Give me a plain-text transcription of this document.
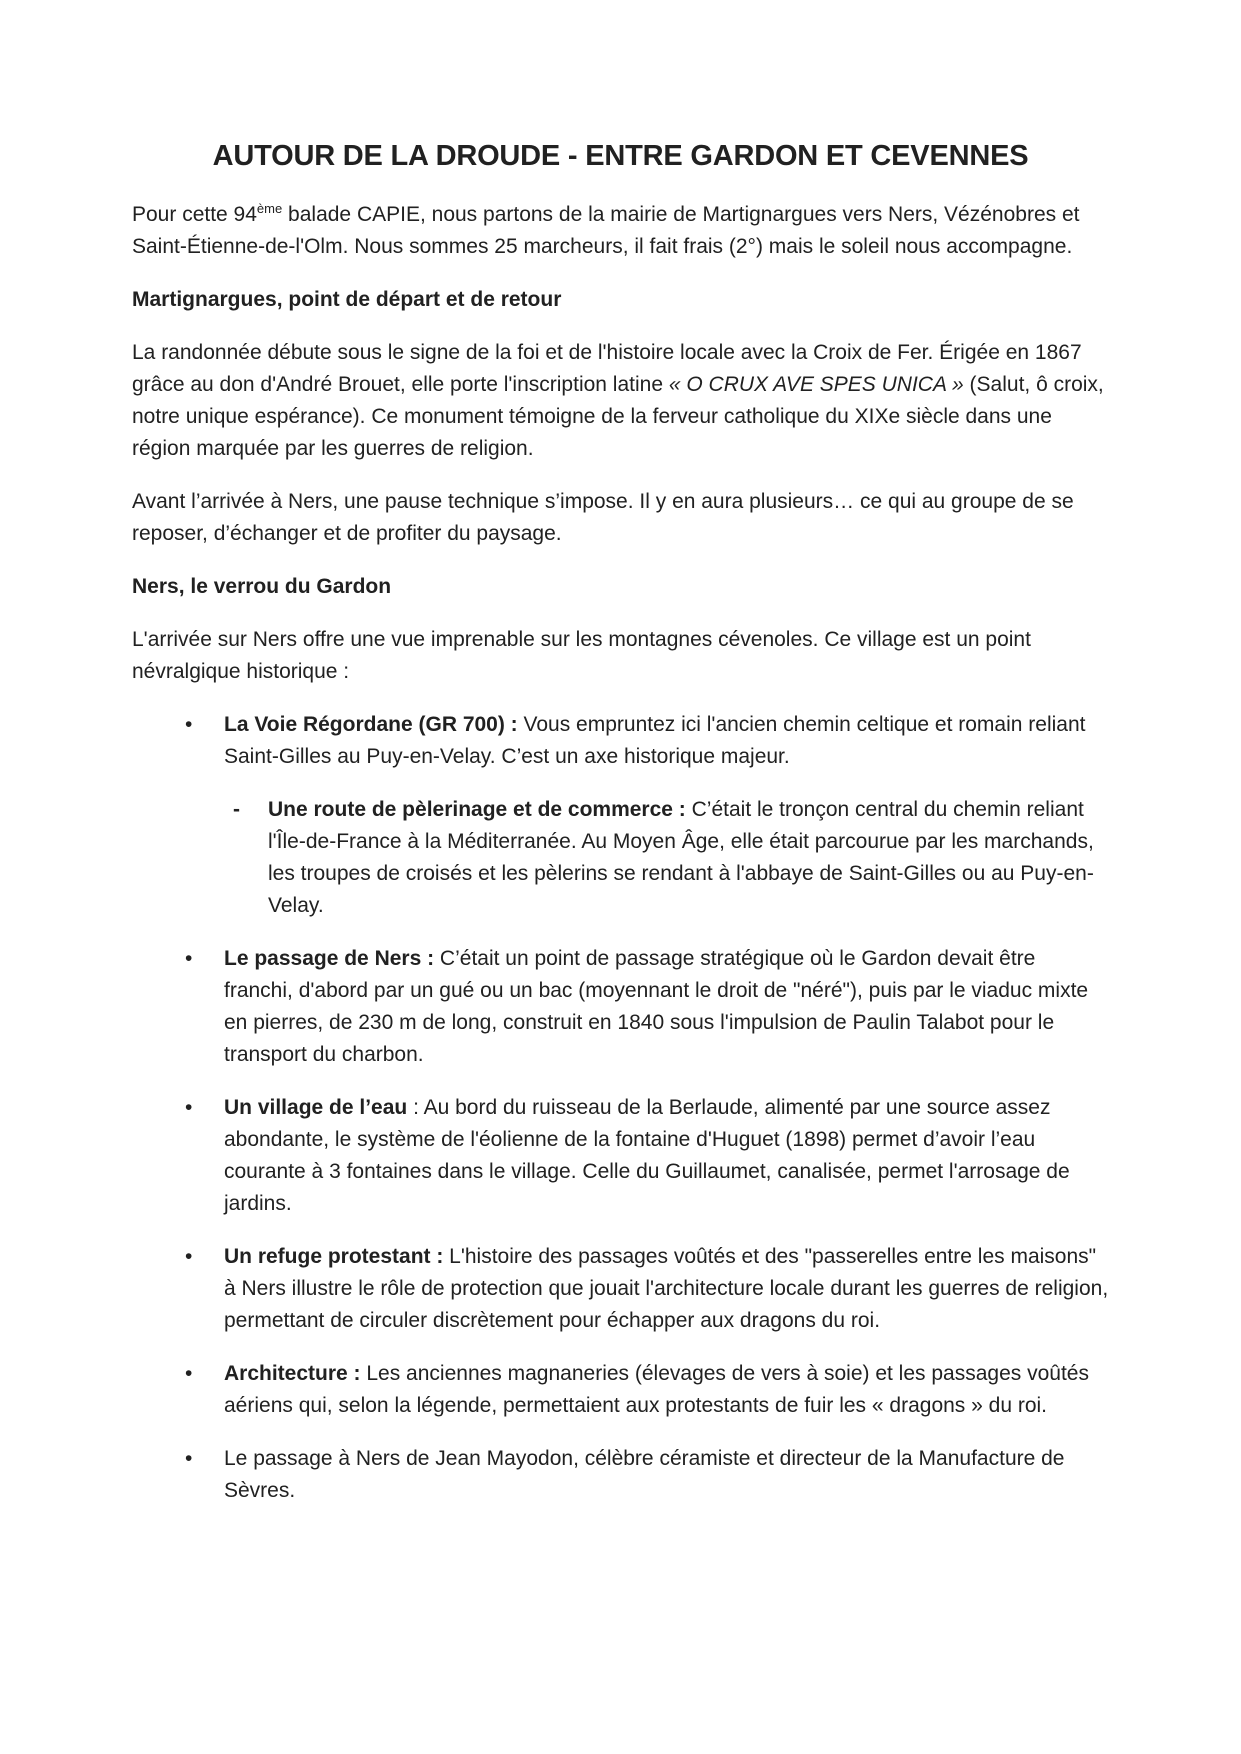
AUTOUR DE LA DROUDE - ENTRE GARDON ET CEVENNES

Pour cette 94ème balade CAPIE, nous partons de la mairie de Martignargues vers Ners, Vézénobres et Saint-Étienne-de-l'Olm. Nous sommes 25 marcheurs, il fait frais (2°) mais le soleil nous accompagne.

Martignargues, point de départ et de retour

La randonnée débute sous le signe de la foi et de l'histoire locale avec la Croix de Fer. Érigée en 1867 grâce au don d'André Brouet, elle porte l'inscription latine « O CRUX AVE SPES UNICA » (Salut, ô croix, notre unique espérance). Ce monument témoigne de la ferveur catholique du XIXe siècle dans une région marquée par les guerres de religion.

Avant l’arrivée à Ners, une pause technique s’impose. Il y en aura plusieurs… ce qui au groupe de se reposer, d’échanger et de profiter du paysage.

Ners, le verrou du Gardon

L'arrivée sur Ners offre une vue imprenable sur les montagnes cévenoles. Ce village est un point névralgique historique :

• La Voie Régordane (GR 700) : Vous empruntez ici l'ancien chemin celtique et romain reliant Saint-Gilles au Puy-en-Velay. C’est un axe historique majeur.
- Une route de pèlerinage et de commerce : C’était le tronçon central du chemin reliant l'Île-de-France à la Méditerranée. Au Moyen Âge, elle était parcourue par les marchands, les troupes de croisés et les pèlerins se rendant à l'abbaye de Saint-Gilles ou au Puy-en-Velay.
• Le passage de Ners : C’était un point de passage stratégique où le Gardon devait être franchi, d'abord par un gué ou un bac (moyennant le droit de "néré"), puis par le viaduc mixte en pierres, de 230 m de long, construit en 1840 sous l'impulsion de Paulin Talabot pour le transport du charbon.
• Un village de l’eau : Au bord du ruisseau de la Berlaude, alimenté par une source assez abondante, le système de l'éolienne de la fontaine d'Huguet (1898) permet d’avoir l’eau courante à 3 fontaines dans le village. Celle du Guillaumet, canalisée, permet l'arrosage de jardins.
• Un refuge protestant : L'histoire des passages voûtés et des "passerelles entre les maisons" à Ners illustre le rôle de protection que jouait l'architecture locale durant les guerres de religion, permettant de circuler discrètement pour échapper aux dragons du roi.
• Architecture : Les anciennes magnaneries (élevages de vers à soie) et les passages voûtés aériens qui, selon la légende, permettaient aux protestants de fuir les « dragons » du roi.
• Le passage à Ners de Jean Mayodon, célèbre céramiste et directeur de la Manufacture de Sèvres.
